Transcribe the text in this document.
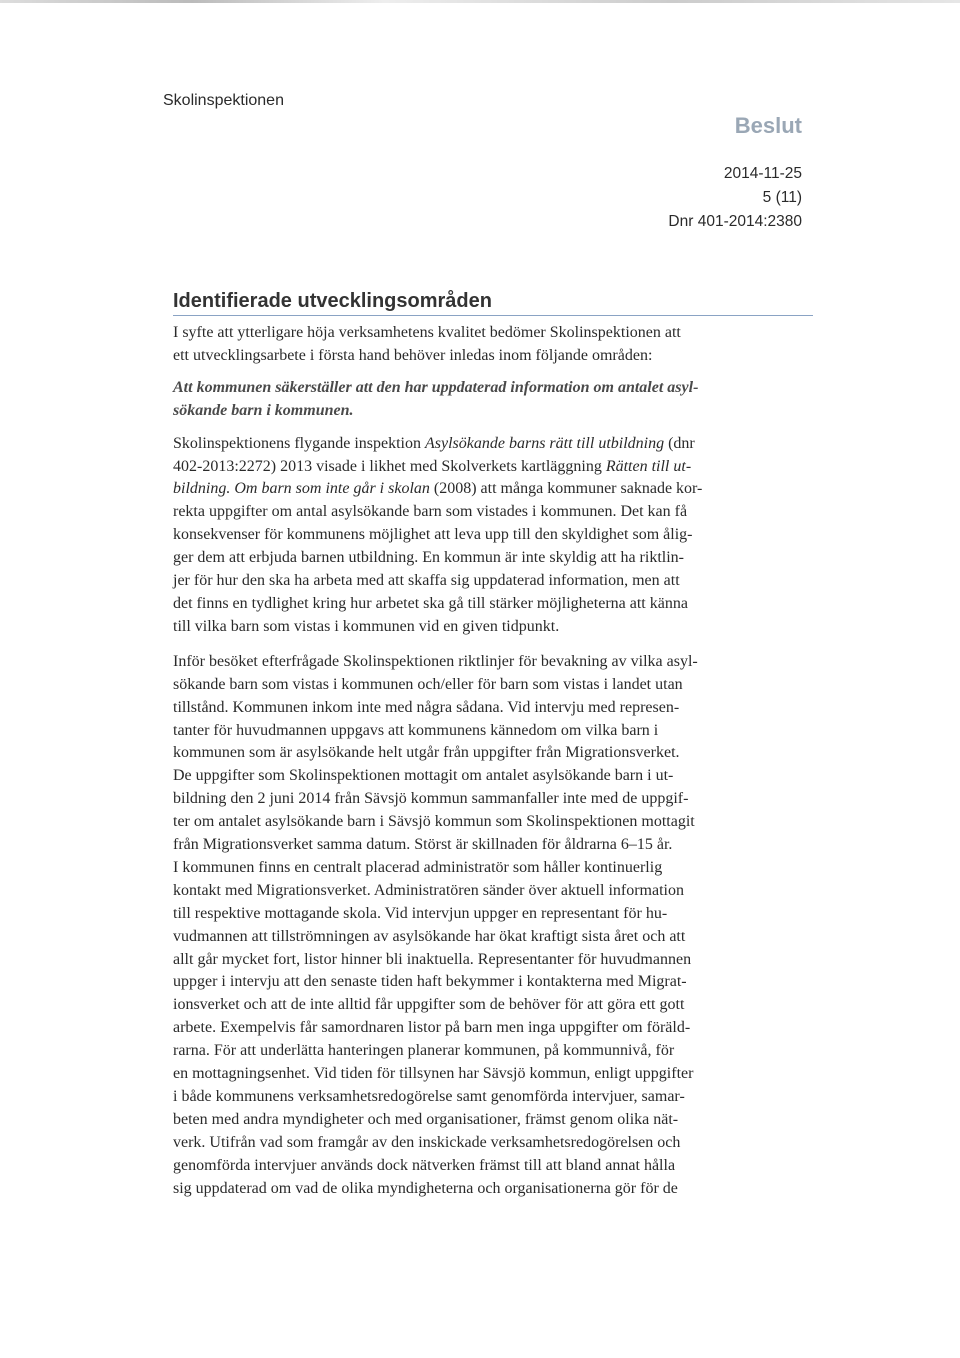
Skolinspektionen
Beslut
2014-11-25
5 (11)
Dnr 401-2014:2380
Identifierade utvecklingsområden

I syfte att ytterligare höja verksamhetens kvalitet bedömer Skolinspektionen att
ett utvecklingsarbete i första hand behöver inledas inom följande områden:

Att kommunen säkerställer att den har uppdaterad information om antalet asyl-
sökande barn i kommunen.

Skolinspektionens flygande inspektion Asylsökande barns rätt till utbildning (dnr
402-2013:2272) 2013 visade i likhet med Skolverkets kartläggning Rätten till ut-
bildning. Om barn som inte går i skolan (2008) att många kommuner saknade kor-
rekta uppgifter om antal asylsökande barn som vistades i kommunen. Det kan få
konsekvenser för kommunens möjlighet att leva upp till den skyldighet som ålig-
ger dem att erbjuda barnen utbildning. En kommun är inte skyldig att ha riktlin-
jer för hur den ska ha arbeta med att skaffa sig uppdaterad information, men att
det finns en tydlighet kring hur arbetet ska gå till stärker möjligheterna att känna
till vilka barn som vistas i kommunen vid en given tidpunkt.

Inför besöket efterfrågade Skolinspektionen riktlinjer för bevakning av vilka asyl-
sökande barn som vistas i kommunen och/eller för barn som vistas i landet utan
tillstånd. Kommunen inkom inte med några sådana. Vid intervju med represen-
tanter för huvudmannen uppgavs att kommunens kännedom om vilka barn i
kommunen som är asylsökande helt utgår från uppgifter från Migrationsverket.
De uppgifter som Skolinspektionen mottagit om antalet asylsökande barn i ut-
bildning den 2 juni 2014 från Sävsjö kommun sammanfaller inte med de uppgif-
ter om antalet asylsökande barn i Sävsjö kommun som Skolinspektionen mottagit
från Migrationsverket samma datum. Störst är skillnaden för åldrarna 6–15 år.
I kommunen finns en centralt placerad administratör som håller kontinuerlig
kontakt med Migrationsverket. Administratören sänder över aktuell information
till respektive mottagande skola. Vid intervjun uppger en representant för hu-
vudmannen att tillströmningen av asylsökande har ökat kraftigt sista året och att
allt går mycket fort, listor hinner bli inaktuella. Representanter för huvudmannen
uppger i intervju att den senaste tiden haft bekymmer i kontakterna med Migrat-
ionsverket och att de inte alltid får uppgifter som de behöver för att göra ett gott
arbete. Exempelvis får samordnaren listor på barn men inga uppgifter om föräld-
rarna. För att underlätta hanteringen planerar kommunen, på kommunnivå, för
en mottagningsenhet. Vid tiden för tillsynen har Sävsjö kommun, enligt uppgifter
i både kommunens verksamhetsredogörelse samt genomförda intervjuer, samar-
beten med andra myndigheter och med organisationer, främst genom olika nät-
verk. Utifrån vad som framgår av den inskickade verksamhetsredogörelsen och
genomförda intervjuer används dock nätverken främst till att bland annat hålla
sig uppdaterad om vad de olika myndigheterna och organisationerna gör för de
